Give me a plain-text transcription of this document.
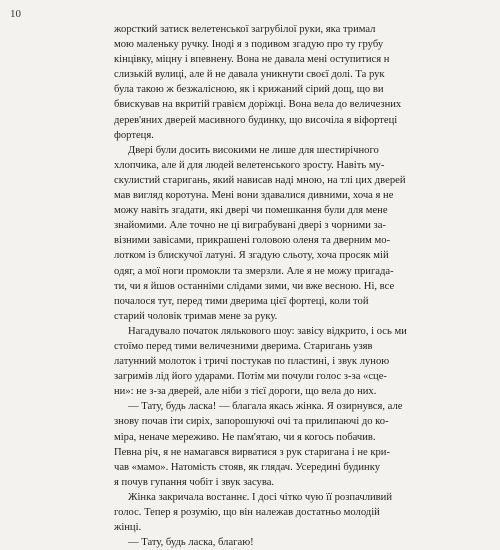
10
жорсткий затиск велетенської загрубілої руки, яка тримал
мою маленьку ручку. Іноді я з подивом згадую про ту грубу
кінцівку, міцну і впевнену. Вона не давала мені оступитися н
слизькій вулиці, але й не давала уникнути своєї долі. Та рук
була такою ж безжалісною, як і крижаний сірий дощ, що ви
бвискував на вкритій гравієм доріжці. Вона вела до величезних
дерев'яних дверей масивного будинку, що височіла я віфортеці
фортеця.
Двері були досить високими не лише для шестирічного
хлопчика, але й для людей велетенського зросту. Навіть му-
скулистий старигань, який нависав наді мною, на тлі цих дверей
мав вигляд коротуна. Мені вони здавалися дивними, хоча я не
можу навіть згадати, які двері чи помешкання були для мене
знайомими. Але точно не ці виграбувані двері з чорними за-
візними завісами, прикрашені головою оленя та дверним мо-
лотком із блискучої латуні. Я згадую сльоту, хоча просяк мій
одяг, а мої ноги промокли та змерзли. Але я не можу пригада-
ти, чи я йшов останніми слідами зими, чи вже весною. Ні, все
почалося тут, перед тими дверима цієї фортеці, коли той
старий чоловік тримав мене за руку.
Нагадувало початок лялькового шоу: завісу відкрито, і ось ми
стоїмо перед тими величезними дверима. Старигань узяв
латунний молоток і тричі постукав по пластині, і звук луною
загримів лід його ударами. Потім ми почули голос з-за «сце-
ни»: не з-за дверей, але ніби з тієї дороги, що вела до них.
— Тату, будь ласка! — благала якась жінка. Я озирнувся, але
знову почав іти сиріх, запорошуючі очі та прилипаючі до ко-
міра, неначе мереживо. Не пам'ятаю, чи я когось побачив.
Певна річ, я не намагався вирватися з рук старигана і не кри-
чав «мамо». Натомість стояв, як глядач. Усередині будинку
я почув гупання чобіт і звук засува.
Жінка закричала востаннє. І досі чітко чую її розпачливий
голос. Тепер я розумію, що він належав достатньо молодій
жінці.
— Тату, будь ласка, благаю!
